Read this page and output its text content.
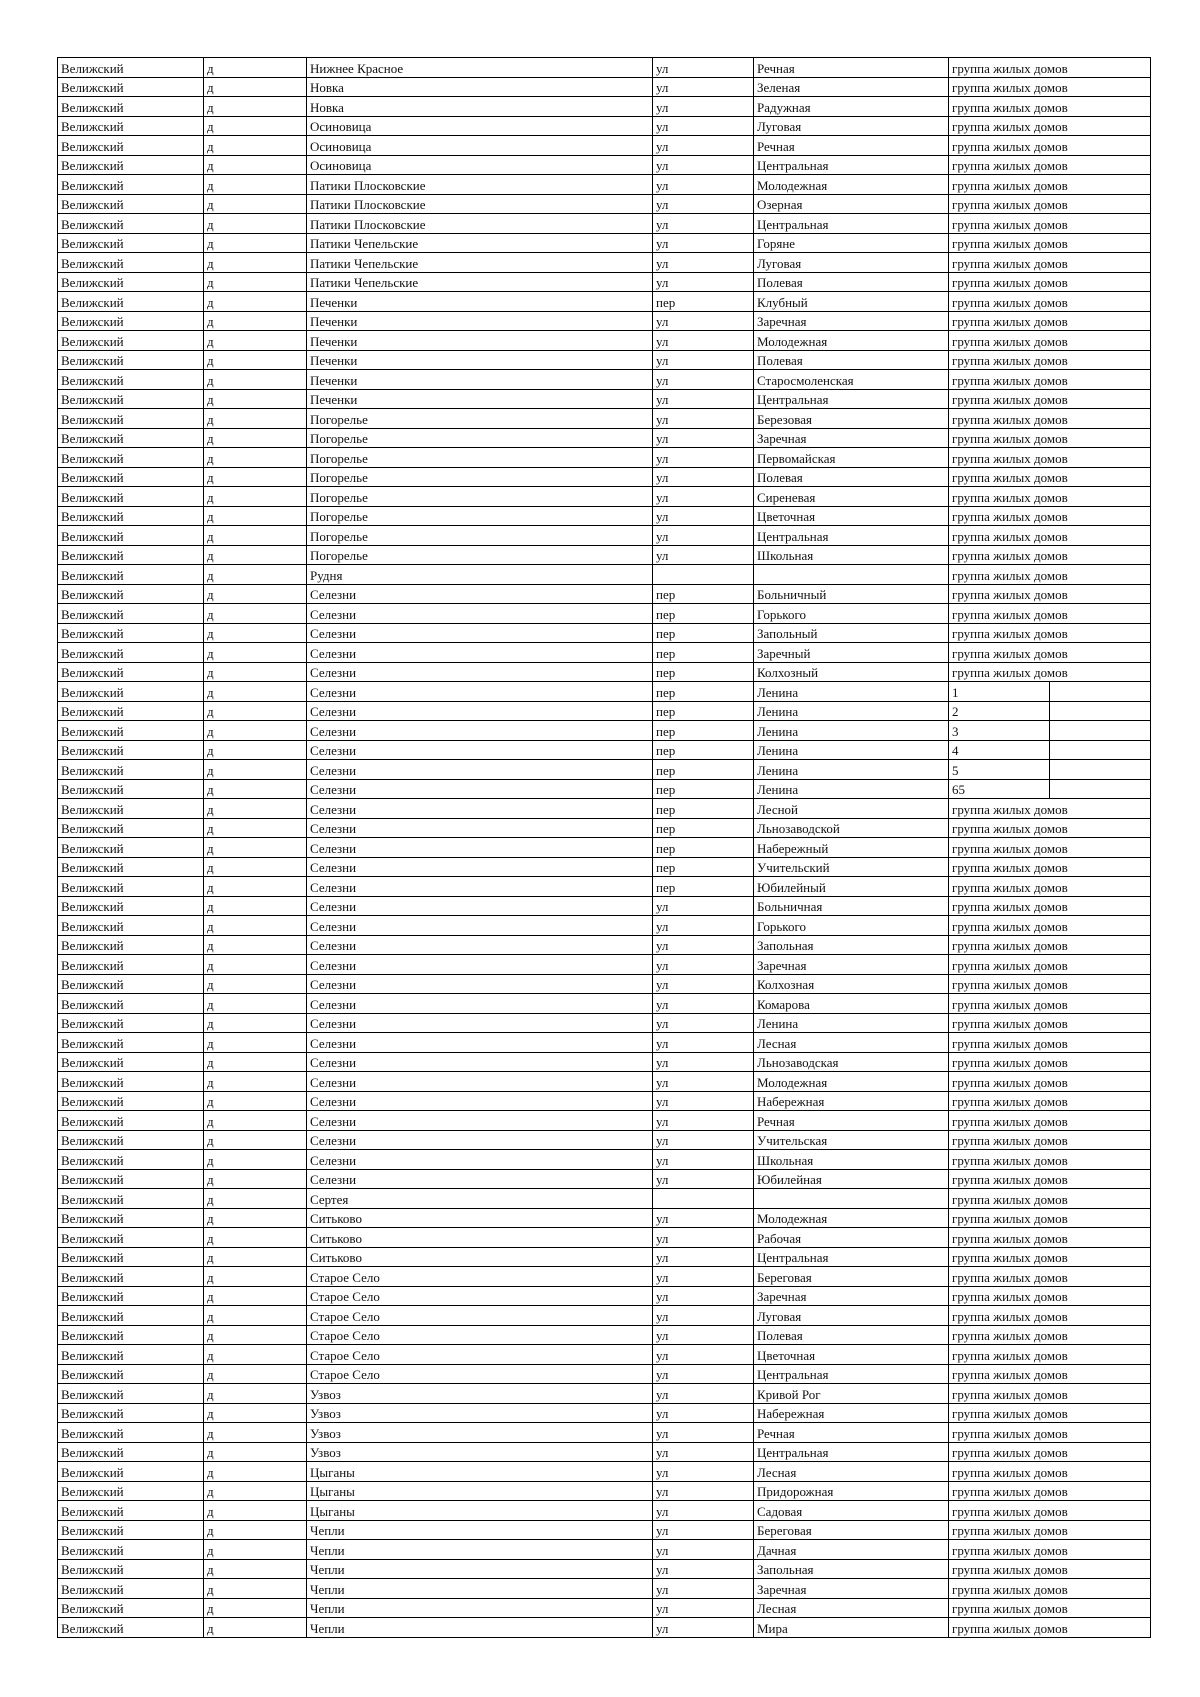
Велижский	д	Нижнее Красное	ул	Речная	группа жилых домов	
Велижский	д	Новка	ул	Зеленая	группа жилых домов	
Велижский	д	Новка	ул	Радужная	группа жилых домов	
Велижский	д	Осиновица	ул	Луговая	группа жилых домов	
Велижский	д	Осиновица	ул	Речная	группа жилых домов	
Велижский	д	Осиновица	ул	Центральная	группа жилых домов	
Велижский	д	Патики Плосковские	ул	Молодежная	группа жилых домов	
Велижский	д	Патики Плосковские	ул	Озерная	группа жилых домов	
Велижский	д	Патики Плосковские	ул	Центральная	группа жилых домов	
Велижский	д	Патики Чепельские	ул	Горяне	группа жилых домов	
Велижский	д	Патики Чепельские	ул	Луговая	группа жилых домов	
Велижский	д	Патики Чепельские	ул	Полевая	группа жилых домов	
Велижский	д	Печенки	пер	Клубный	группа жилых домов	
Велижский	д	Печенки	ул	Заречная	группа жилых домов	
Велижский	д	Печенки	ул	Молодежная	группа жилых домов	
Велижский	д	Печенки	ул	Полевая	группа жилых домов	
Велижский	д	Печенки	ул	Старосмоленская	группа жилых домов	
Велижский	д	Печенки	ул	Центральная	группа жилых домов	
Велижский	д	Погорелье	ул	Березовая	группа жилых домов	
Велижский	д	Погорелье	ул	Заречная	группа жилых домов	
Велижский	д	Погорелье	ул	Первомайская	группа жилых домов	
Велижский	д	Погорелье	ул	Полевая	группа жилых домов	
Велижский	д	Погорелье	ул	Сиреневая	группа жилых домов	
Велижский	д	Погорелье	ул	Цветочная	группа жилых домов	
Велижский	д	Погорелье	ул	Центральная	группа жилых домов	
Велижский	д	Погорелье	ул	Школьная	группа жилых домов	
Велижский	д	Рудня			группа жилых домов	
Велижский	д	Селезни	пер	Больничный	группа жилых домов	
Велижский	д	Селезни	пер	Горького	группа жилых домов	
Велижский	д	Селезни	пер	Запольный	группа жилых домов	
Велижский	д	Селезни	пер	Заречный	группа жилых домов	
Велижский	д	Селезни	пер	Колхозный	группа жилых домов	
Велижский	д	Селезни	пер	Ленина	1	
Велижский	д	Селезни	пер	Ленина	2	
Велижский	д	Селезни	пер	Ленина	3	
Велижский	д	Селезни	пер	Ленина	4	
Велижский	д	Селезни	пер	Ленина	5	
Велижский	д	Селезни	пер	Ленина	65	
Велижский	д	Селезни	пер	Лесной	группа жилых домов	
Велижский	д	Селезни	пер	Льнозаводской	группа жилых домов	
Велижский	д	Селезни	пер	Набережный	группа жилых домов	
Велижский	д	Селезни	пер	Учительский	группа жилых домов	
Велижский	д	Селезни	пер	Юбилейный	группа жилых домов	
Велижский	д	Селезни	ул	Больничная	группа жилых домов	
Велижский	д	Селезни	ул	Горького	группа жилых домов	
Велижский	д	Селезни	ул	Запольная	группа жилых домов	
Велижский	д	Селезни	ул	Заречная	группа жилых домов	
Велижский	д	Селезни	ул	Колхозная	группа жилых домов	
Велижский	д	Селезни	ул	Комарова	группа жилых домов	
Велижский	д	Селезни	ул	Ленина	группа жилых домов	
Велижский	д	Селезни	ул	Лесная	группа жилых домов	
Велижский	д	Селезни	ул	Льнозаводская	группа жилых домов	
Велижский	д	Селезни	ул	Молодежная	группа жилых домов	
Велижский	д	Селезни	ул	Набережная	группа жилых домов	
Велижский	д	Селезни	ул	Речная	группа жилых домов	
Велижский	д	Селезни	ул	Учительская	группа жилых домов	
Велижский	д	Селезни	ул	Школьная	группа жилых домов	
Велижский	д	Селезни	ул	Юбилейная	группа жилых домов	
Велижский	д	Сертея			группа жилых домов	
Велижский	д	Ситьково	ул	Молодежная	группа жилых домов	
Велижский	д	Ситьково	ул	Рабочая	группа жилых домов	
Велижский	д	Ситьково	ул	Центральная	группа жилых домов	
Велижский	д	Старое Село	ул	Береговая	группа жилых домов	
Велижский	д	Старое Село	ул	Заречная	группа жилых домов	
Велижский	д	Старое Село	ул	Луговая	группа жилых домов	
Велижский	д	Старое Село	ул	Полевая	группа жилых домов	
Велижский	д	Старое Село	ул	Цветочная	группа жилых домов	
Велижский	д	Старое Село	ул	Центральная	группа жилых домов	
Велижский	д	Узвоз	ул	Кривой Рог	группа жилых домов	
Велижский	д	Узвоз	ул	Набережная	группа жилых домов	
Велижский	д	Узвоз	ул	Речная	группа жилых домов	
Велижский	д	Узвоз	ул	Центральная	группа жилых домов	
Велижский	д	Цыганы	ул	Лесная	группа жилых домов	
Велижский	д	Цыганы	ул	Придорожная	группа жилых домов	
Велижский	д	Цыганы	ул	Садовая	группа жилых домов	
Велижский	д	Чепли	ул	Береговая	группа жилых домов	
Велижский	д	Чепли	ул	Дачная	группа жилых домов	
Велижский	д	Чепли	ул	Запольная	группа жилых домов	
Велижский	д	Чепли	ул	Заречная	группа жилых домов	
Велижский	д	Чепли	ул	Лесная	группа жилых домов	
Велижский	д	Чепли	ул	Мира	группа жилых домов	
